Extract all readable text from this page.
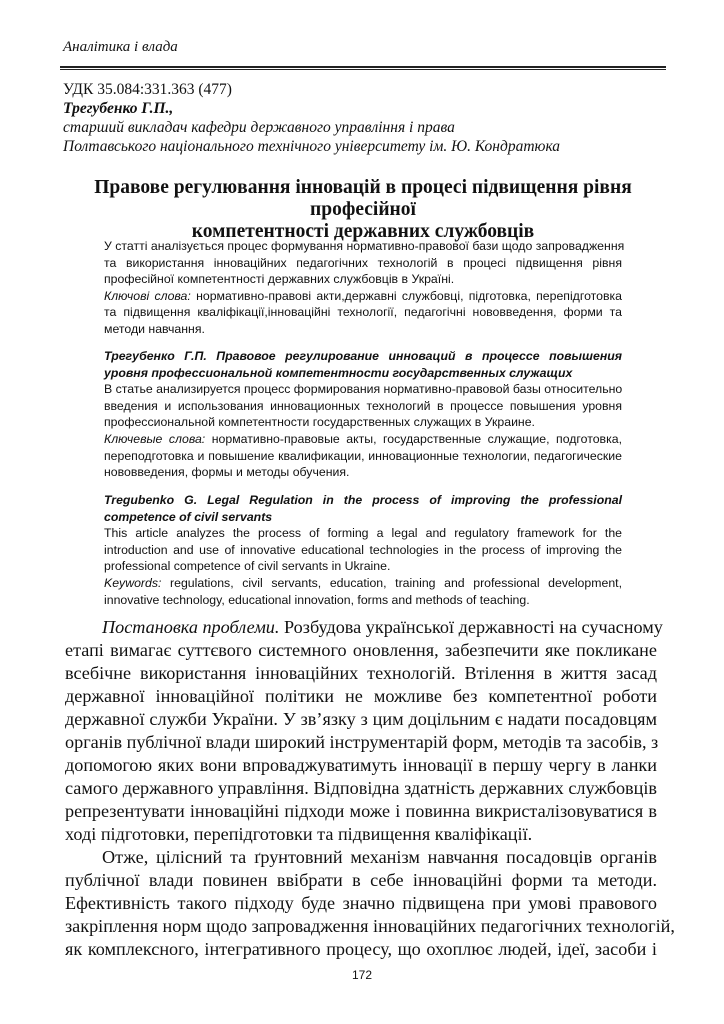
Аналітика і влада
УДК 35.084:331.363 (477)
Трегубенко Г.П.,
старший викладач кафедри державного управління і права
Полтавського національного технічного університету ім. Ю. Кондратюка
Правове регулювання інновацій в процесі підвищення рівня професійної
компетентності державних службовців
У статті аналізується процес формування нормативно-правової бази щодо запровадження
та використання інноваційних педагогічних технологій в процесі підвищення рівня
професійної компетентності державних службовців в Україні.
Ключові слова: нормативно-правові акти,державні службовці, підготовка, перепідготовка
та підвищення кваліфікації,інноваційні технології, педагогічні нововведення, форми та
методи навчання.
Трегубенко Г.П. Правовое регулирование инноваций в процессе повышения
уровня профессиональной компетентности государственных служащих
В статье анализируется процесс формирования нормативно-правовой базы относительно
введения и использования инновационных технологий в процессе повышения уровня
профессиональной компетентности государственных служащих в Украине.
Ключевые слова: нормативно-правовые акты, государственные служащие, подготовка,
переподготовка и повышение квалификации, инновационные технологии, педагогические
нововведения, формы и методы обучения.
Tregubenko G. Legal Regulation in the process of improving the professional
competence of civil servants
This article analyzes the process of forming a legal and regulatory framework for the
introduction and use of innovative educational technologies in the process of improving the
professional competence of civil servants in Ukraine.
Keywords: regulations, civil servants, education, training and professional development,
innovative technology, educational innovation, forms and methods of teaching.
Постановка проблеми. Розбудова української державності на сучасному
етапі вимагає суттєвого системного оновлення, забезпечити яке покликане
всебічне використання інноваційних технологій. Втілення в життя засад
державної інноваційної політики не можливе без компетентної роботи
державної служби України. У зв’язку з цим доцільним є надати посадовцям
органів публічної влади широкий інструментарій форм, методів та засобів, з
допомогою яких вони впроваджуватимуть інновації в першу чергу в ланки
самого державного управління. Відповідна здатність державних службовців
репрезентувати інноваційні підходи може і повинна викристалізовуватися в
ході підготовки, перепідготовки та підвищення кваліфікації.
Отже, цілісний та ґрунтовний механізм навчання посадовців органів
публічної влади повинен ввібрати в себе інноваційні форми та методи.
Ефективність такого підходу буде значно підвищена при умові правового
закріплення норм щодо запровадження інноваційних педагогічних технологій,
як комплексного, інтегративного процесу, що охоплює людей, ідеї, засоби і
172
